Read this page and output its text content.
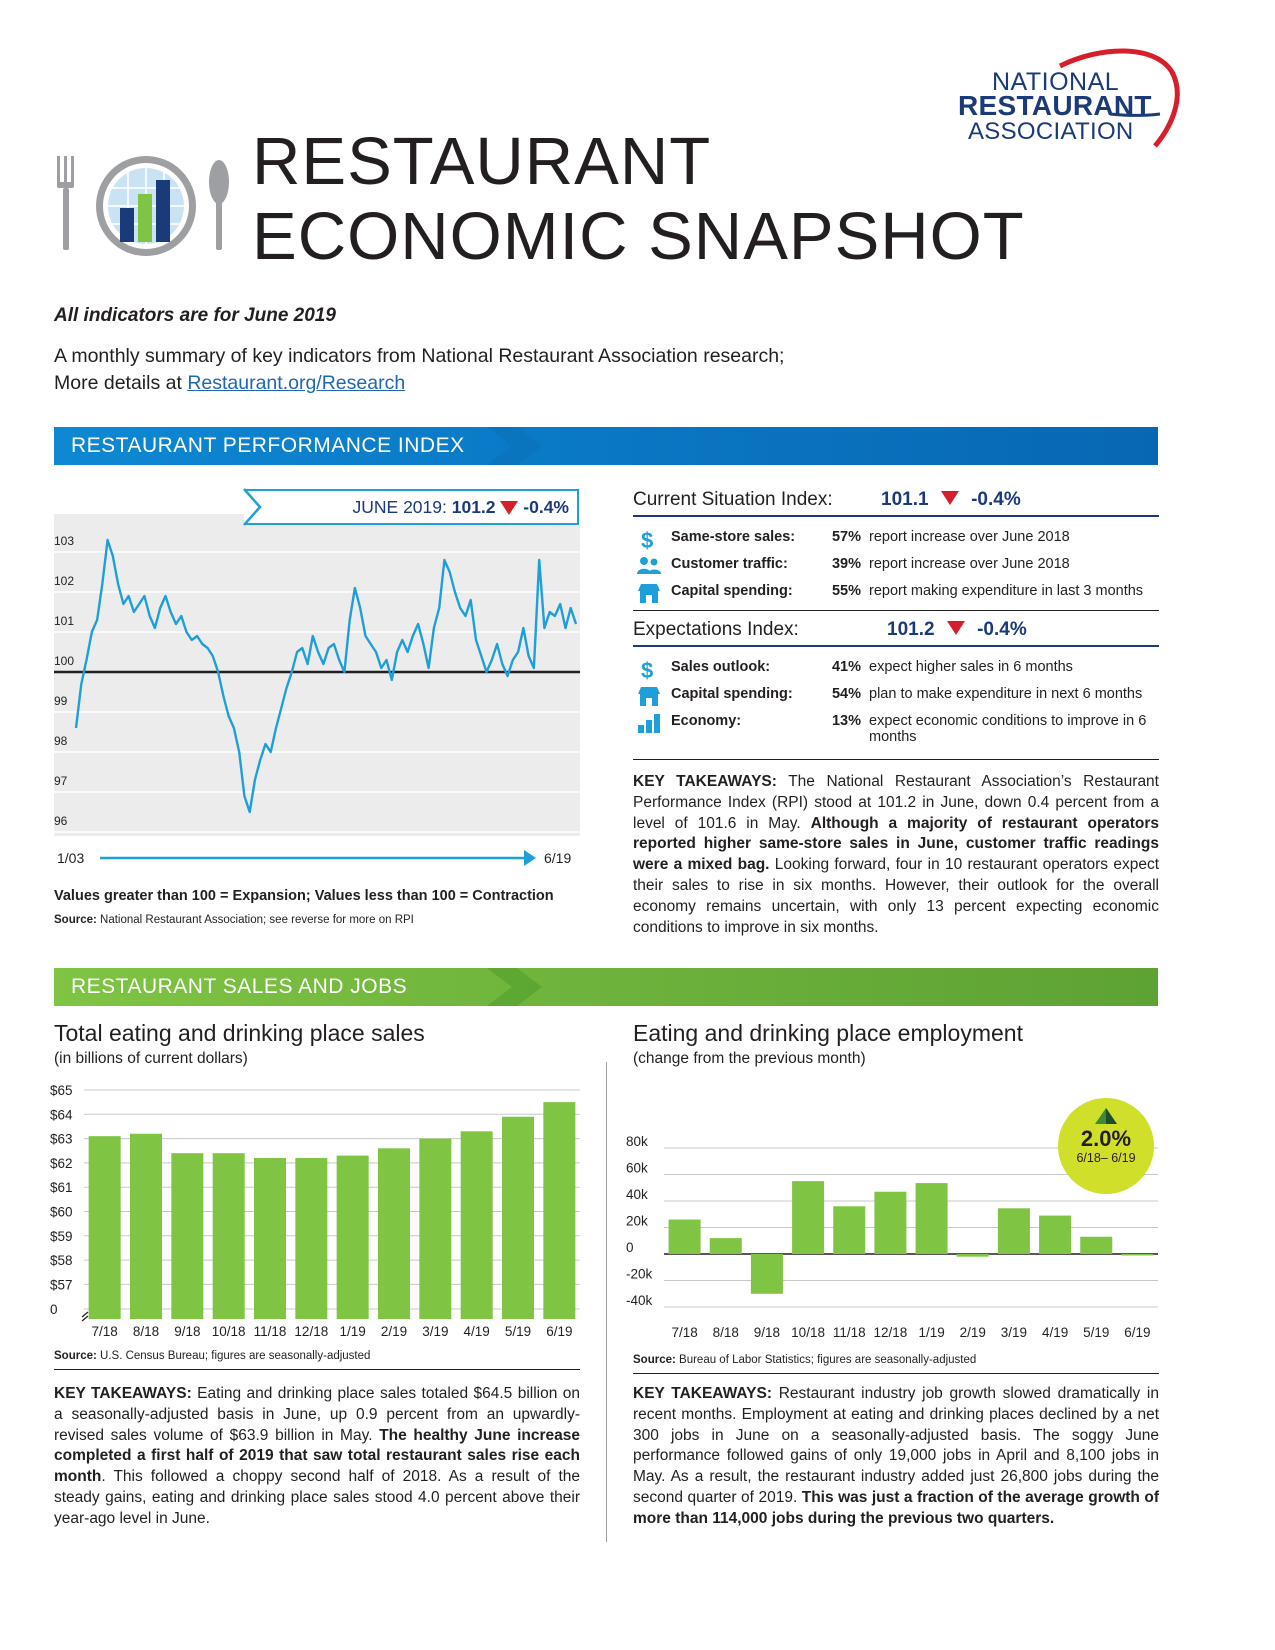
NATIONAL
RESTAURANT
ASSOCIATION
RESTAURANT
ECONOMIC SNAPSHOT
All indicators are for June 2019
A monthly summary of key indicators from National Restaurant Association research;
More details at Restaurant.org/Research
RESTAURANT PERFORMANCE INDEX
103
102
101
100
99
98
97
96
1/03	6/19
JUNE 2019: 101.2 -0.4%
Values greater than 100 = Expansion; Values less than 100 = Contraction
Source: National Restaurant Association; see reverse for more on RPI
Current Situation Index:	101.1 -0.4%
$ Same-store sales:	57% report increase over June 2018
Customer traffic:	39% report increase over June 2018
Capital spending:	55% report making expenditure in last 3 months
Expectations Index:	101.2 -0.4%
$ Sales outlook:	41% expect higher sales in 6 months
Capital spending:	54% plan to make expenditure in next 6 months
Economy:	13% expect economic conditions to improve in 6 months
KEY TAKEAWAYS: The National Restaurant Association’s Restaurant Performance Index (RPI) stood at 101.2 in June, down 0.4 percent from a level of 101.6 in May. Although a majority of restaurant operators reported higher same-store sales in June, customer traffic readings were a mixed bag. Looking forward, four in 10 restaurant operators expect their sales to rise in six months. However, their outlook for the overall economy remains uncertain, with only 13 percent expecting economic conditions to improve in six months.
RESTAURANT SALES AND JOBS
Total eating and drinking place sales
(in billions of current dollars)
$65
$64
$63
$62
$61
$60
$59
$58
$57
0
7/18 8/18 9/18 10/18 11/18 12/18 1/19 2/19 3/19 4/19 5/19 6/19
Source: U.S. Census Bureau; figures are seasonally-adjusted
KEY TAKEAWAYS: Eating and drinking place sales totaled $64.5 billion on a seasonally-adjusted basis in June, up 0.9 percent from an upwardly-revised sales volume of $63.9 billion in May. The healthy June increase completed a first half of 2019 that saw total restaurant sales rise each month. This followed a choppy second half of 2018. As a result of the steady gains, eating and drinking place sales stood 4.0 percent above their year-ago level in June.
Eating and drinking place employment
(change from the previous month)
80k
60k
40k
20k
0
-20k
-40k
7/18 8/18 9/18 10/18 11/18 12/18 1/19 2/19 3/19 4/19 5/19 6/19
2.0%
6/18– 6/19
Source: Bureau of Labor Statistics; figures are seasonally-adjusted
KEY TAKEAWAYS: Restaurant industry job growth slowed dramatically in recent months. Employment at eating and drinking places declined by a net 300 jobs in June on a seasonally-adjusted basis. The soggy June performance followed gains of only 19,000 jobs in April and 8,100 jobs in May. As a result, the restaurant industry added just 26,800 jobs during the second quarter of 2019. This was just a fraction of the average growth of more than 114,000 jobs during the previous two quarters.
